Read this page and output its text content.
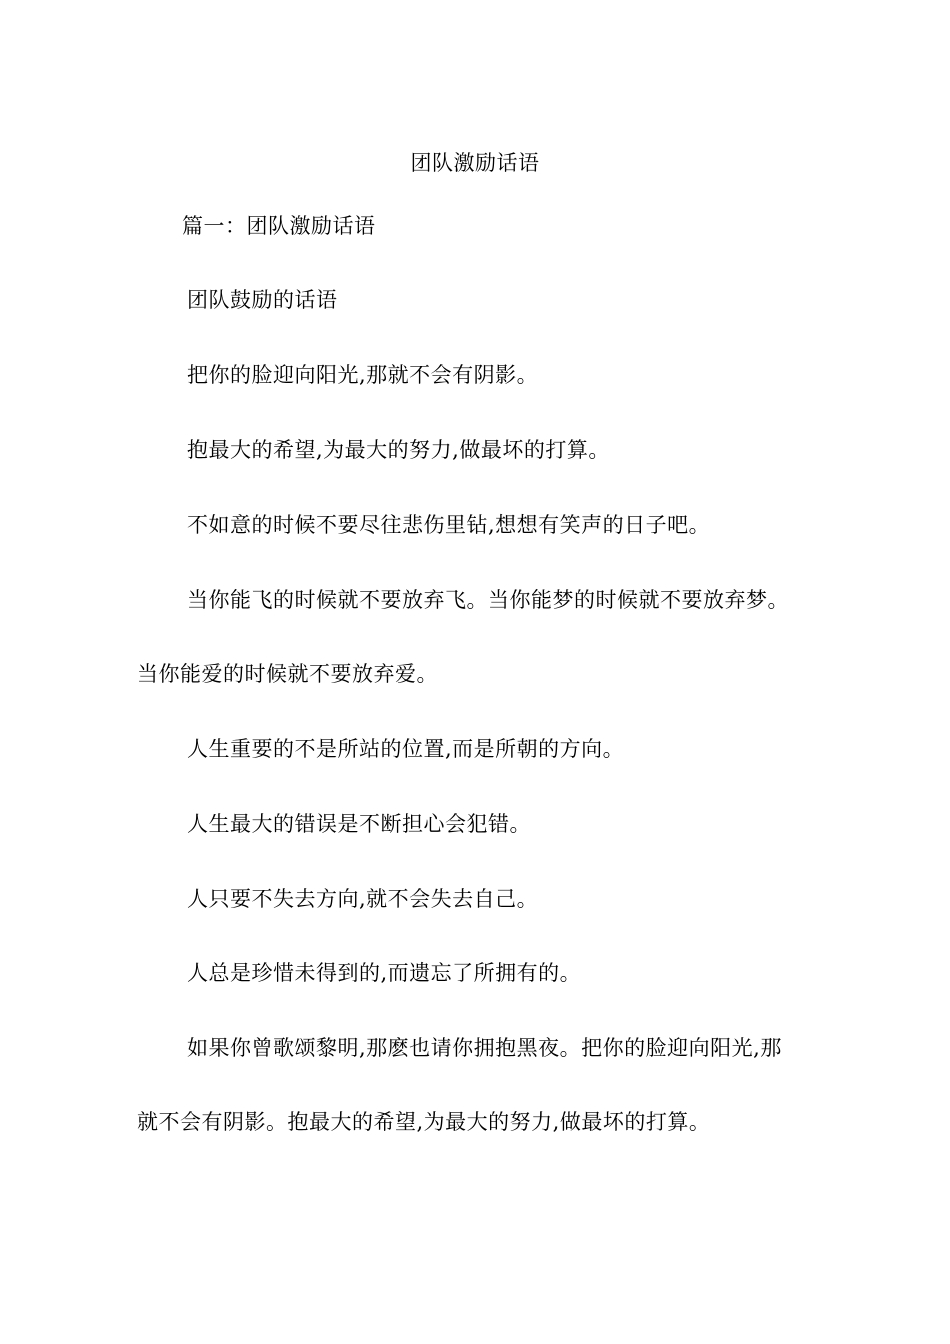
团队激励话语
篇一：团队激励话语
团队鼓励的话语
把你的脸迎向阳光,那就不会有阴影。
抱最大的希望,为最大的努力,做最坏的打算。
不如意的时候不要尽往悲伤里钻,想想有笑声的日子吧。
当你能飞的时候就不要放弃飞。当你能梦的时候就不要放弃梦。
当你能爱的时候就不要放弃爱。
人生重要的不是所站的位置,而是所朝的方向。
人生最大的错误是不断担心会犯错。
人只要不失去方向,就不会失去自己。
人总是珍惜未得到的,而遗忘了所拥有的。
如果你曾歌颂黎明,那麽也请你拥抱黑夜。把你的脸迎向阳光,那
就不会有阴影。抱最大的希望,为最大的努力,做最坏的打算。
